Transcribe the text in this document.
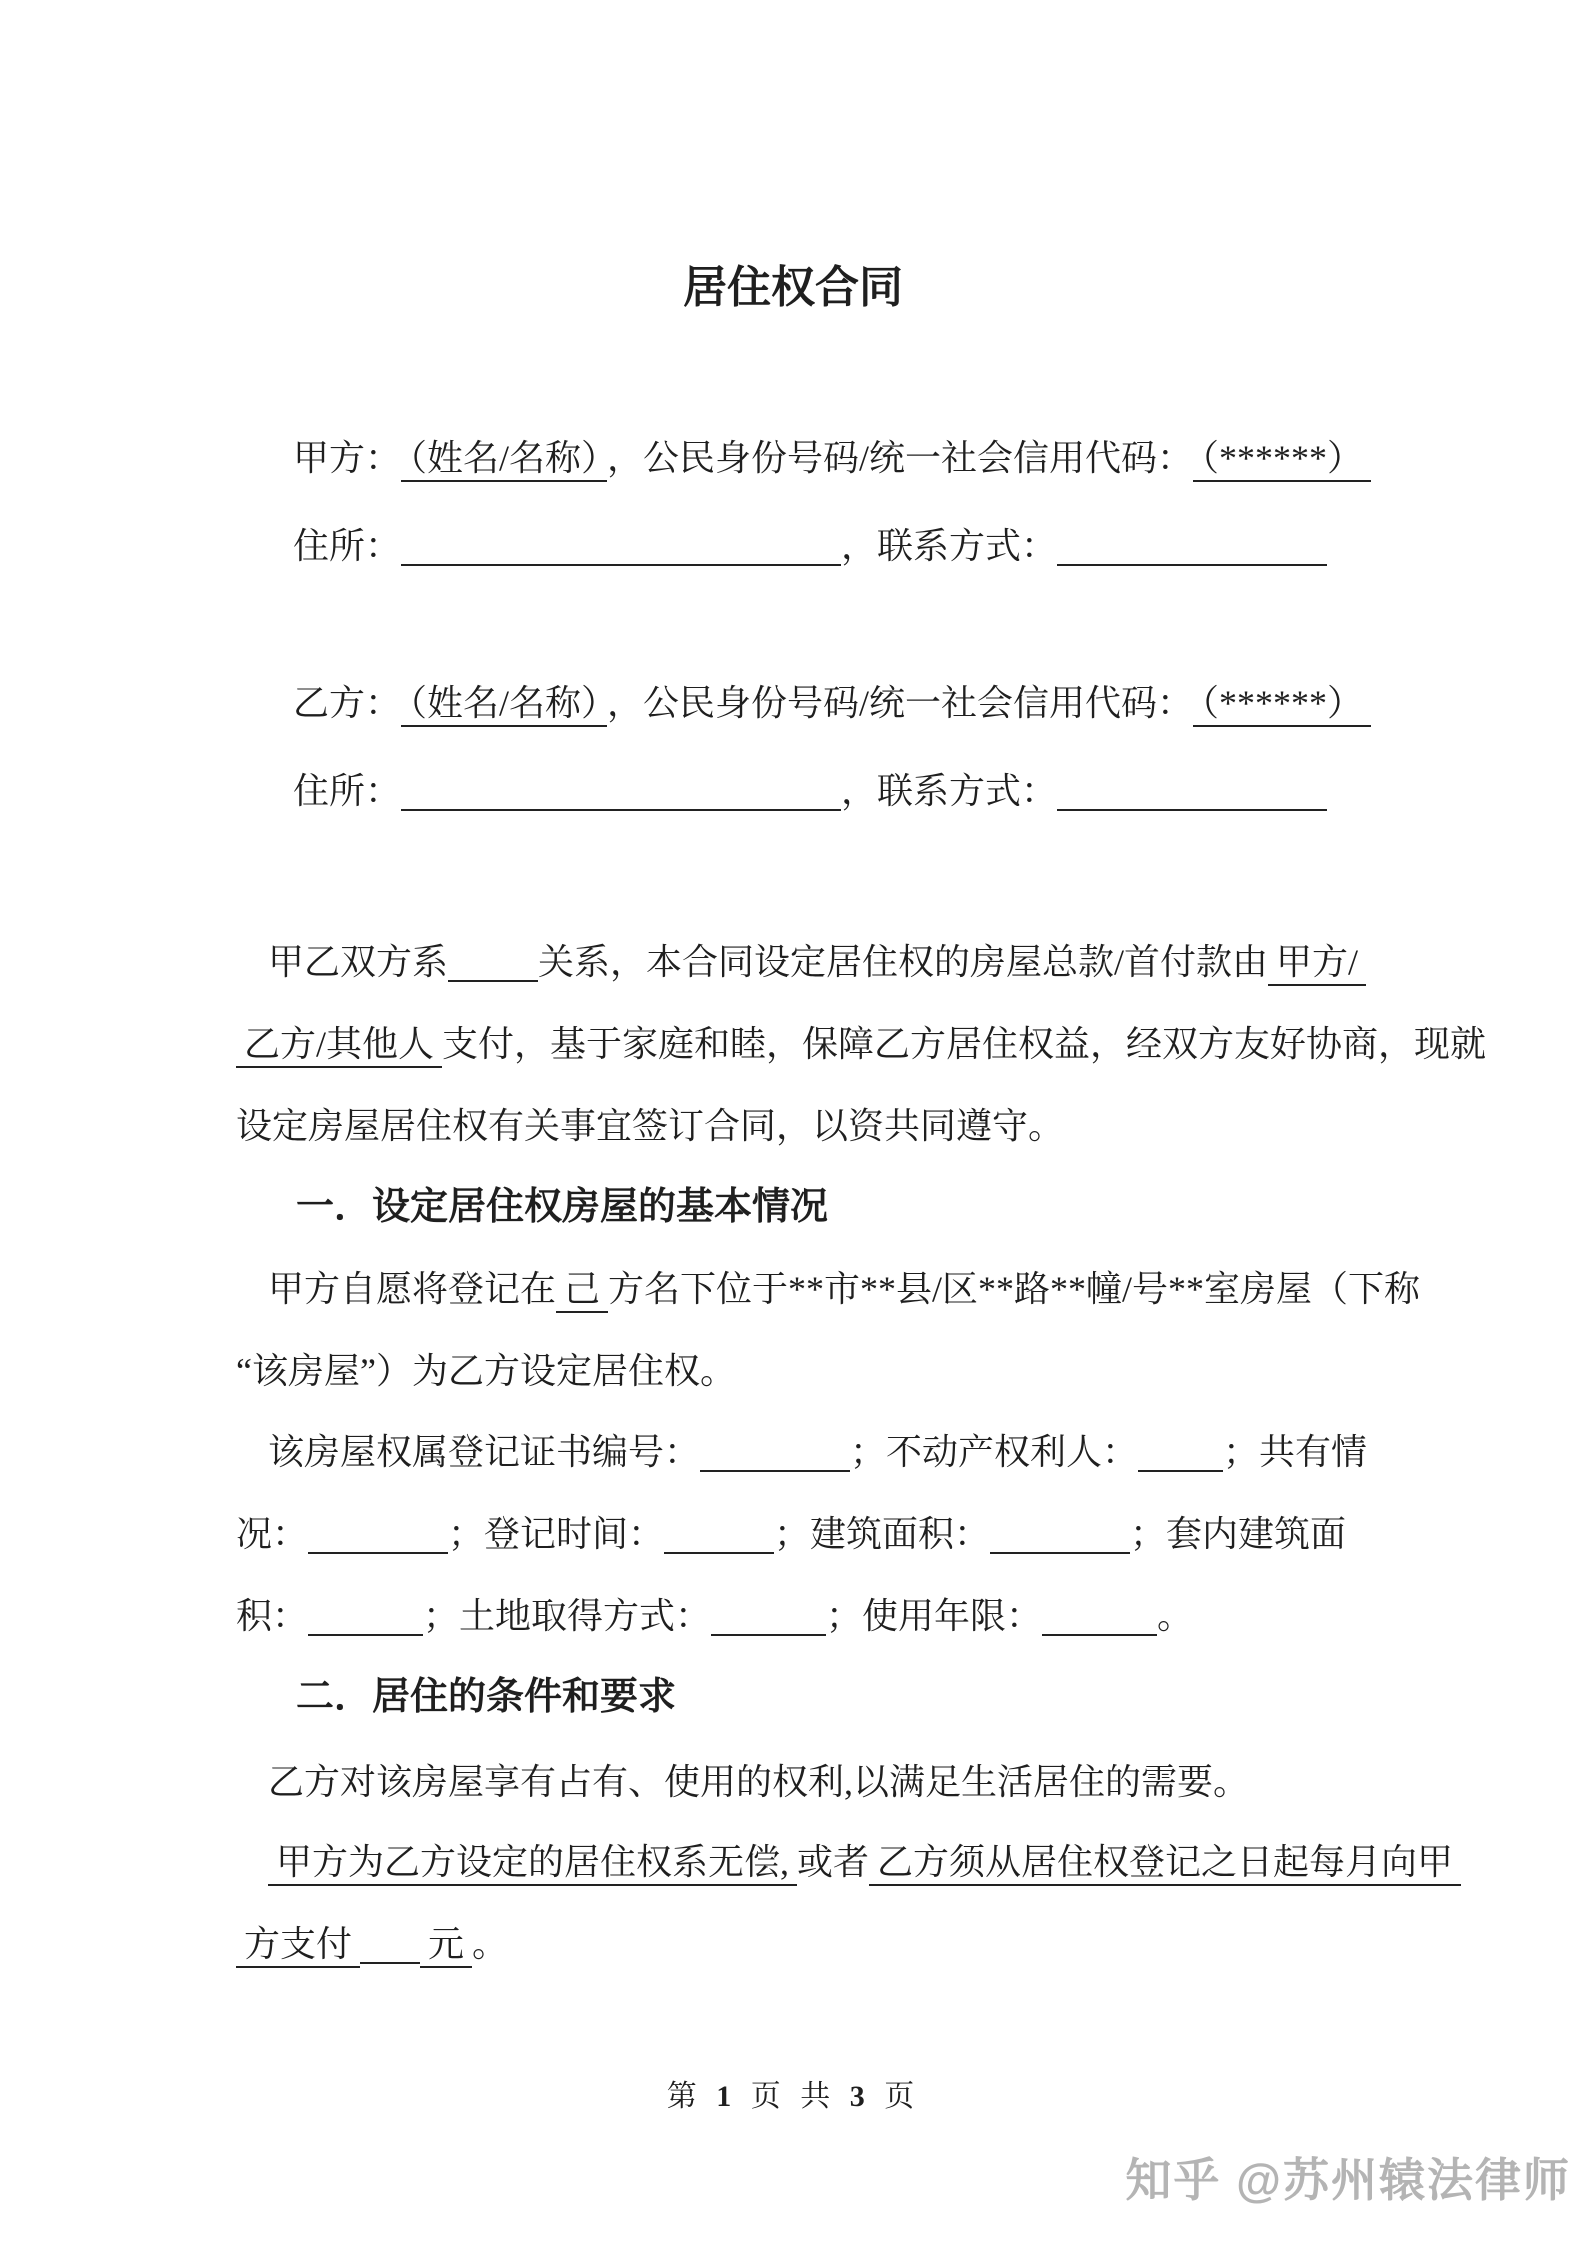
居住权合同
甲方： （姓名/名称） ，公民身份号码/统一社会信用代码： （******）
住所：	，联系方式：
乙方： （姓名/名称） ，公民身份号码/统一社会信用代码： （******）
住所：	，联系方式：
甲乙双方系	关系，本合同设定居住权的房屋总款/首付款由 甲方/
乙方/其他人 支付，基于家庭和睦，保障乙方居住权益，经双方友好协商，现就
设定房屋居住权有关事宜签订合同，以资共同遵守。
一．设定居住权房屋的基本情况
甲方自愿将登记在 己 方名下位于**市**县/区**路**幢/号**室房屋（下称
“该房屋”）为乙方设定居住权。
该房屋权属登记证书编号：	；不动产权利人： ；共有情
况：	；登记时间：	；建筑面积：	；套内建筑面
积：	；土地取得方式：	；使用年限：	。
二．居住的条件和要求
乙方对该房屋享有占有、使用的权利,以满足生活居住的需要。
甲方为乙方设定的居住权系无偿, 或者 乙方须从居住权登记之日起每月向甲
方支付 元 。
第 1 页 共 3 页
知乎 @苏州辕法律师
